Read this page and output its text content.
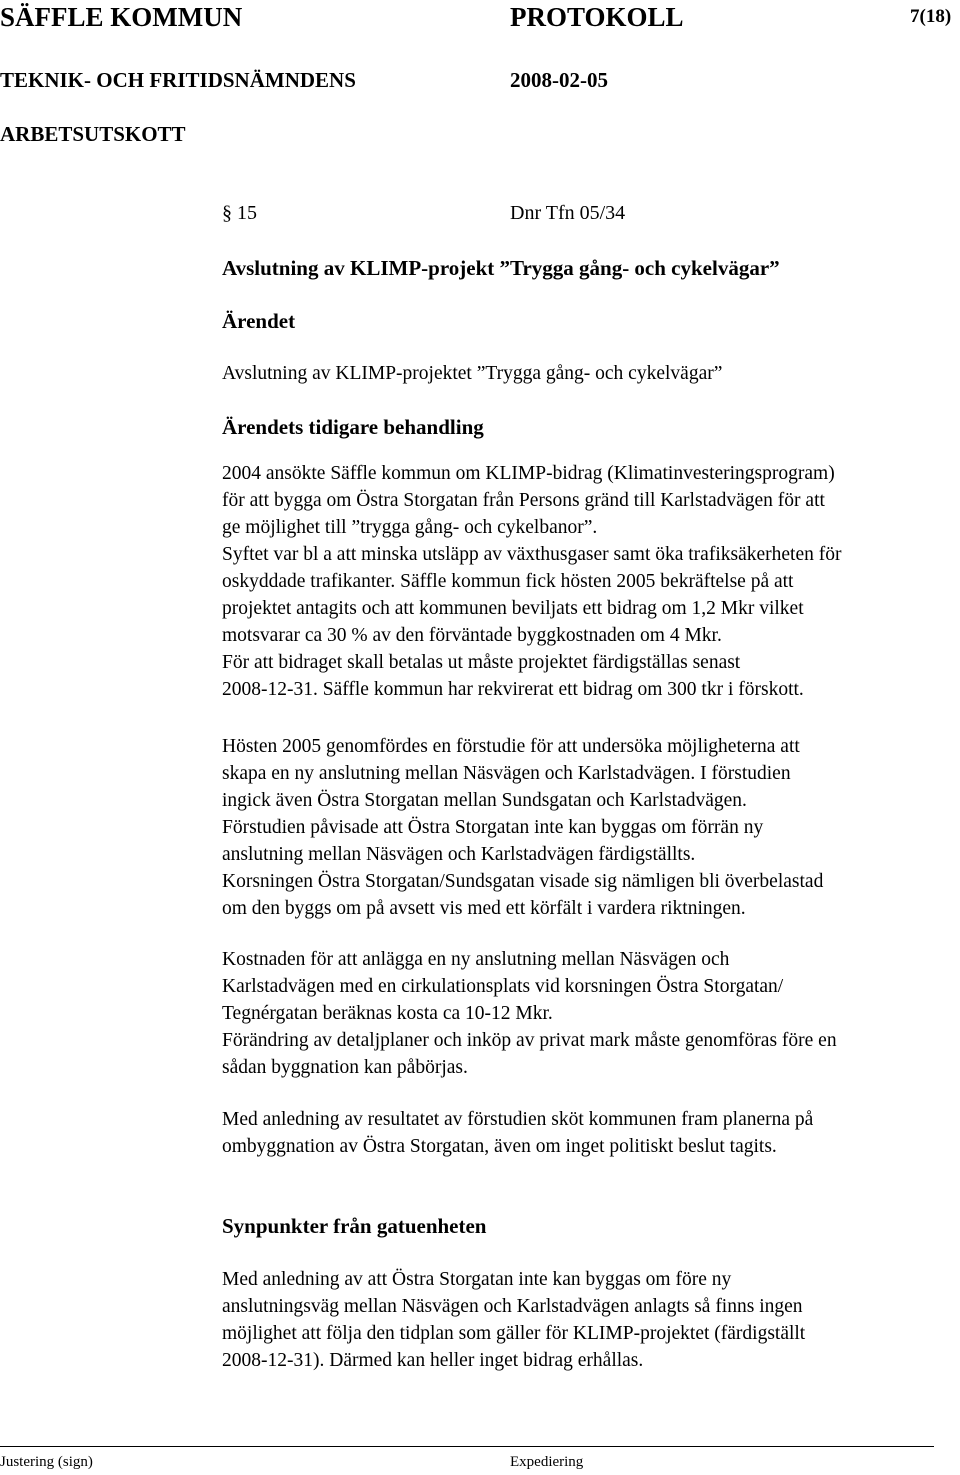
SÄFFLE KOMMUN	PROTOKOLL	7(18)
TEKNIK- OCH FRITIDSNÄMNDENS	2008-02-05
ARBETSUTSKOTT
§ 15	Dnr Tfn 05/34
Avslutning av KLIMP-projekt ”Trygga gång- och cykelvägar”
Ärendet
Avslutning av KLIMP-projektet ”Trygga gång- och cykelvägar”
Ärendets tidigare behandling
2004 ansökte Säffle kommun om KLIMP-bidrag (Klimatinvesteringsprogram)
för att bygga om Östra Storgatan från Persons gränd till Karlstadvägen för att
ge möjlighet till ”trygga gång- och cykelbanor”.
Syftet var bl a att minska utsläpp av växthusgaser samt öka trafiksäkerheten för
oskyddade trafikanter. Säffle kommun fick hösten 2005 bekräftelse på att
projektet antagits och att kommunen beviljats ett bidrag om 1,2 Mkr vilket
motsvarar ca 30 % av den förväntade byggkostnaden om 4 Mkr.
För att bidraget skall betalas ut måste projektet färdigställas senast
2008-12-31. Säffle kommun har rekvirerat ett bidrag om 300 tkr i förskott.
Hösten 2005 genomfördes en förstudie för att undersöka möjligheterna att
skapa en ny anslutning mellan Näsvägen och Karlstadvägen. I förstudien
ingick även Östra Storgatan mellan Sundsgatan och Karlstadvägen.
Förstudien påvisade att Östra Storgatan inte kan byggas om förrän ny
anslutning mellan Näsvägen och Karlstadvägen färdigställts.
Korsningen Östra Storgatan/Sundsgatan visade sig nämligen bli överbelastad
om den byggs om på avsett vis med ett körfält i vardera riktningen.
Kostnaden för att anlägga en ny anslutning mellan Näsvägen och
Karlstadvägen med en cirkulationsplats vid korsningen Östra Storgatan/
Tegnérgatan beräknas kosta ca 10-12 Mkr.
Förändring av detaljplaner och inköp av privat mark måste genomföras före en
sådan byggnation kan påbörjas.
Med anledning av resultatet av förstudien sköt kommunen fram planerna på
ombyggnation av Östra Storgatan, även om inget politiskt beslut tagits.
Synpunkter från gatuenheten
Med anledning av att Östra Storgatan inte kan byggas om före ny
anslutningsväg mellan Näsvägen och Karlstadvägen anlagts så finns ingen
möjlighet att följa den tidplan som gäller för KLIMP-projektet (färdigställt
2008-12-31). Därmed kan heller inget bidrag erhållas.
Justering (sign)	Expediering
